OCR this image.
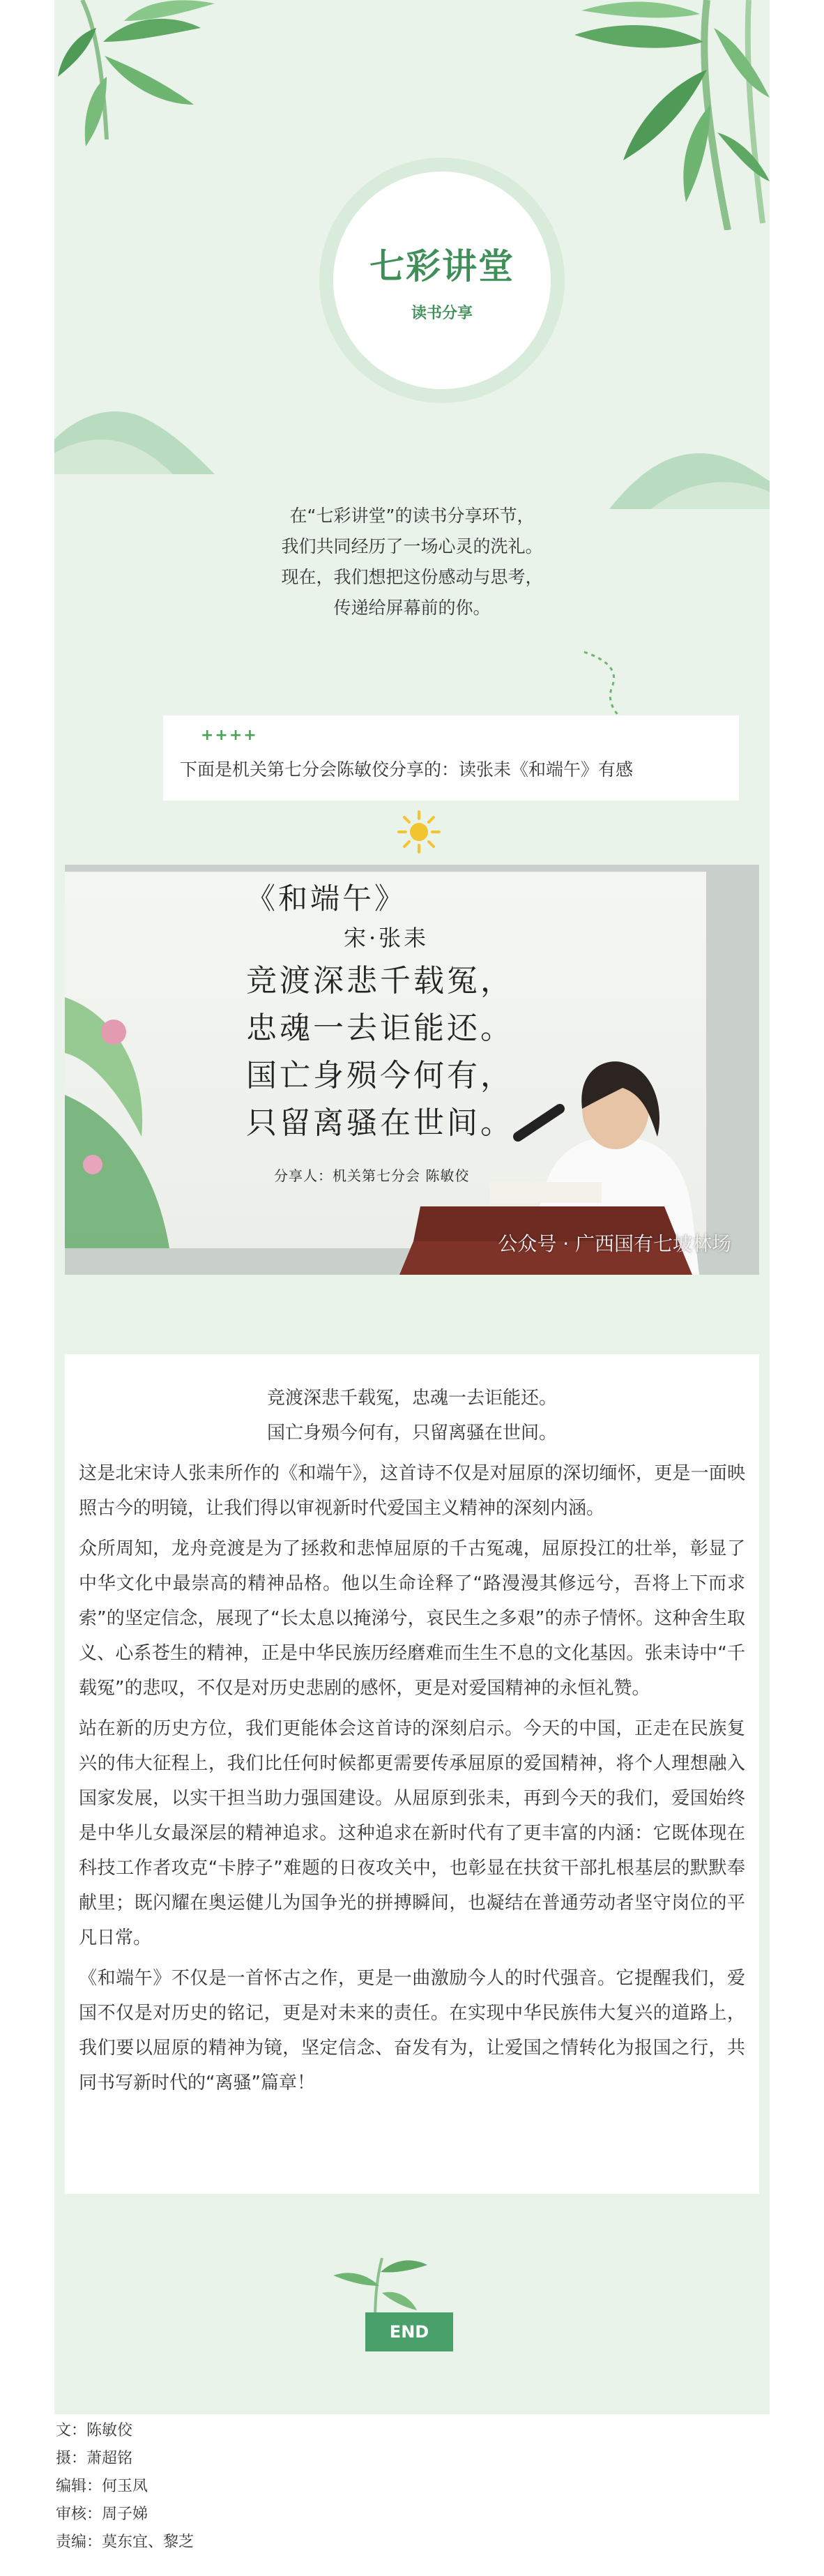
七彩讲堂
读书分享
在“七彩讲堂”的读书分享环节，
我们共同经历了一场心灵的洗礼。
现在，我们想把这份感动与思考，
传递给屏幕前的你。
++++
下面是机关第七分会陈敏佼分享的：读张耒《和端午》有感
《和端午》
宋·张耒
竞渡深悲千载冤，
忠魂一去讵能还。
国亡身殒今何有，
只留离骚在世间。
分享人：机关第七分会 陈敏佼
公众号 · 广西国有七坡林场
竞渡深悲千载冤，忠魂一去讵能还。
国亡身殒今何有，只留离骚在世间。

这是北宋诗人张耒所作的《和端午》，这首诗不仅是对屈原的深切缅怀，更是一面映照古今的明镜，让我们得以审视新时代爱国主义精神的深刻内涵。

众所周知，龙舟竞渡是为了拯救和悲悼屈原的千古冤魂，屈原投江的壮举，彰显了中华文化中最崇高的精神品格。他以生命诠释了“路漫漫其修远兮，吾将上下而求索”的坚定信念，展现了“长太息以掩涕兮，哀民生之多艰”的赤子情怀。这种舍生取义、心系苍生的精神，正是中华民族历经磨难而生生不息的文化基因。张耒诗中“千载冤”的悲叹，不仅是对历史悲剧的感怀，更是对爱国精神的永恒礼赞。

站在新的历史方位，我们更能体会这首诗的深刻启示。今天的中国，正走在民族复兴的伟大征程上，我们比任何时候都更需要传承屈原的爱国精神，将个人理想融入国家发展，以实干担当助力强国建设。从屈原到张耒，再到今天的我们，爱国始终是中华儿女最深层的精神追求。这种追求在新时代有了更丰富的内涵：它既体现在科技工作者攻克“卡脖子”难题的日夜攻关中，也彰显在扶贫干部扎根基层的默默奉献里；既闪耀在奥运健儿为国争光的拼搏瞬间，也凝结在普通劳动者坚守岗位的平凡日常。

《和端午》不仅是一首怀古之作，更是一曲激励今人的时代强音。它提醒我们，爱国不仅是对历史的铭记，更是对未来的责任。在实现中华民族伟大复兴的道路上，我们要以屈原的精神为镜，坚定信念、奋发有为，让爱国之情转化为报国之行，共同书写新时代的“离骚”篇章！

END
文：陈敏佼
摄：萧超铭
编辑：何玉凤
审核：周子娣
责编：莫东宜、黎芝
